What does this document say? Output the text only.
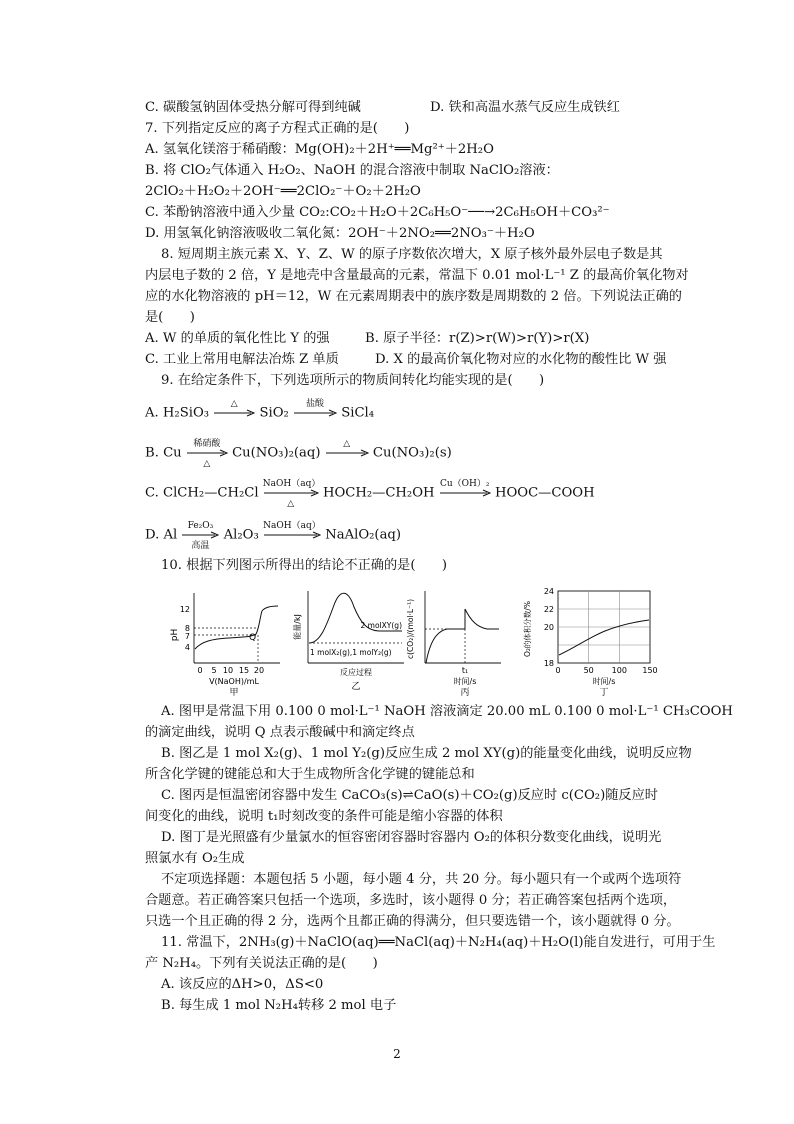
C. 碳酸氢钠固体受热分解可得到纯碱	D. 铁和高温水蒸气反应生成铁红
7. 下列指定反应的离子方程式正确的是(　　)
A. 氢氧化镁溶于稀硝酸：Mg(OH)₂＋2H⁺══Mg²⁺＋2H₂O
B. 将 ClO₂气体通入 H₂O₂、NaOH 的混合溶液中制取 NaClO₂溶液：
2ClO₂＋H₂O₂＋2OH⁻══2ClO₂⁻＋O₂＋2H₂O
C. 苯酚钠溶液中通入少量 CO₂:CO₂＋H₂O＋2C₆H₅O⁻──→2C₆H₅OH＋CO₃²⁻
D. 用氢氧化钠溶液吸收二氧化氮：2OH⁻＋2NO₂══2NO₃⁻＋H₂O
8. 短周期主族元素 X、Y、Z、W 的原子序数依次增大，X 原子核外最外层电子数是其
内层电子数的 2 倍，Y 是地壳中含量最高的元素，常温下 0.01 mol·L⁻¹ Z 的最高价氧化物对
应的水化物溶液的 pH＝12，W 在元素周期表中的族序数是周期数的 2 倍。下列说法正确的
是(　　)
A. W 的单质的氧化性比 Y 的强	B. 原子半径：r(Z)>r(W)>r(Y)>r(X)
C. 工业上常用电解法冶炼 Z 单质	D. X 的最高价氧化物对应的水化物的酸性比 W 强
9. 在给定条件下，下列选项所示的物质间转化均能实现的是(　　)
A. H₂SiO₃
△
SiO₂
盐酸
SiCl₄
B. Cu
稀硝酸
△
Cu(NO₃)₂(aq)
△
Cu(NO₃)₂(s)
C. ClCH₂—CH₂Cl
NaOH（aq）
△
HOCH₂—CH₂OH
Cu（OH）₂
HOOC—COOH
D. Al
Fe₂O₃
高温
Al₂O₃
NaOH（aq）
NaAlO₂(aq)
10. 根据下列图示所得出的结论不正确的是(　　)
pH
12
8
7
4
Q
0 5 10 15 20
V(NaOH)/mL
甲
能量/kJ	2 molXY(g)
1 molX₂(g),1 molY₂(g)
反应过程
乙
c(CO₂)/(mol·L⁻¹)
t₁
时间/s
丙
O₂的体积分数/%
24
22
20
18
0	50 100 150
时间/s
丁
A. 图甲是常温下用 0.100 0 mol·L⁻¹ NaOH 溶液滴定 20.00 mL 0.100 0 mol·L⁻¹ CH₃COOH
的滴定曲线，说明 Q 点表示酸碱中和滴定终点
B. 图乙是 1 mol X₂(g)、1 mol Y₂(g)反应生成 2 mol XY(g)的能量变化曲线，说明反应物
所含化学键的键能总和大于生成物所含化学键的键能总和
C. 图丙是恒温密闭容器中发生 CaCO₃(s)⇌CaO(s)＋CO₂(g)反应时 c(CO₂)随反应时
间变化的曲线，说明 t₁时刻改变的条件可能是缩小容器的体积
D. 图丁是光照盛有少量氯水的恒容密闭容器时容器内 O₂的体积分数变化曲线，说明光
照氯水有 O₂生成
不定项选择题：本题包括 5 小题，每小题 4 分，共 20 分。每小题只有一个或两个选项符
合题意。若正确答案只包括一个选项，多选时，该小题得 0 分；若正确答案包括两个选项，
只选一个且正确的得 2 分，选两个且都正确的得满分，但只要选错一个，该小题就得 0 分。
11. 常温下，2NH₃(g)＋NaClO(aq)══NaCl(aq)＋N₂H₄(aq)＋H₂O(l)能自发进行，可用于生
产 N₂H₄。下列有关说法正确的是(　　)
A. 该反应的ΔH>0，ΔS<0
B. 每生成 1 mol N₂H₄转移 2 mol 电子
2
